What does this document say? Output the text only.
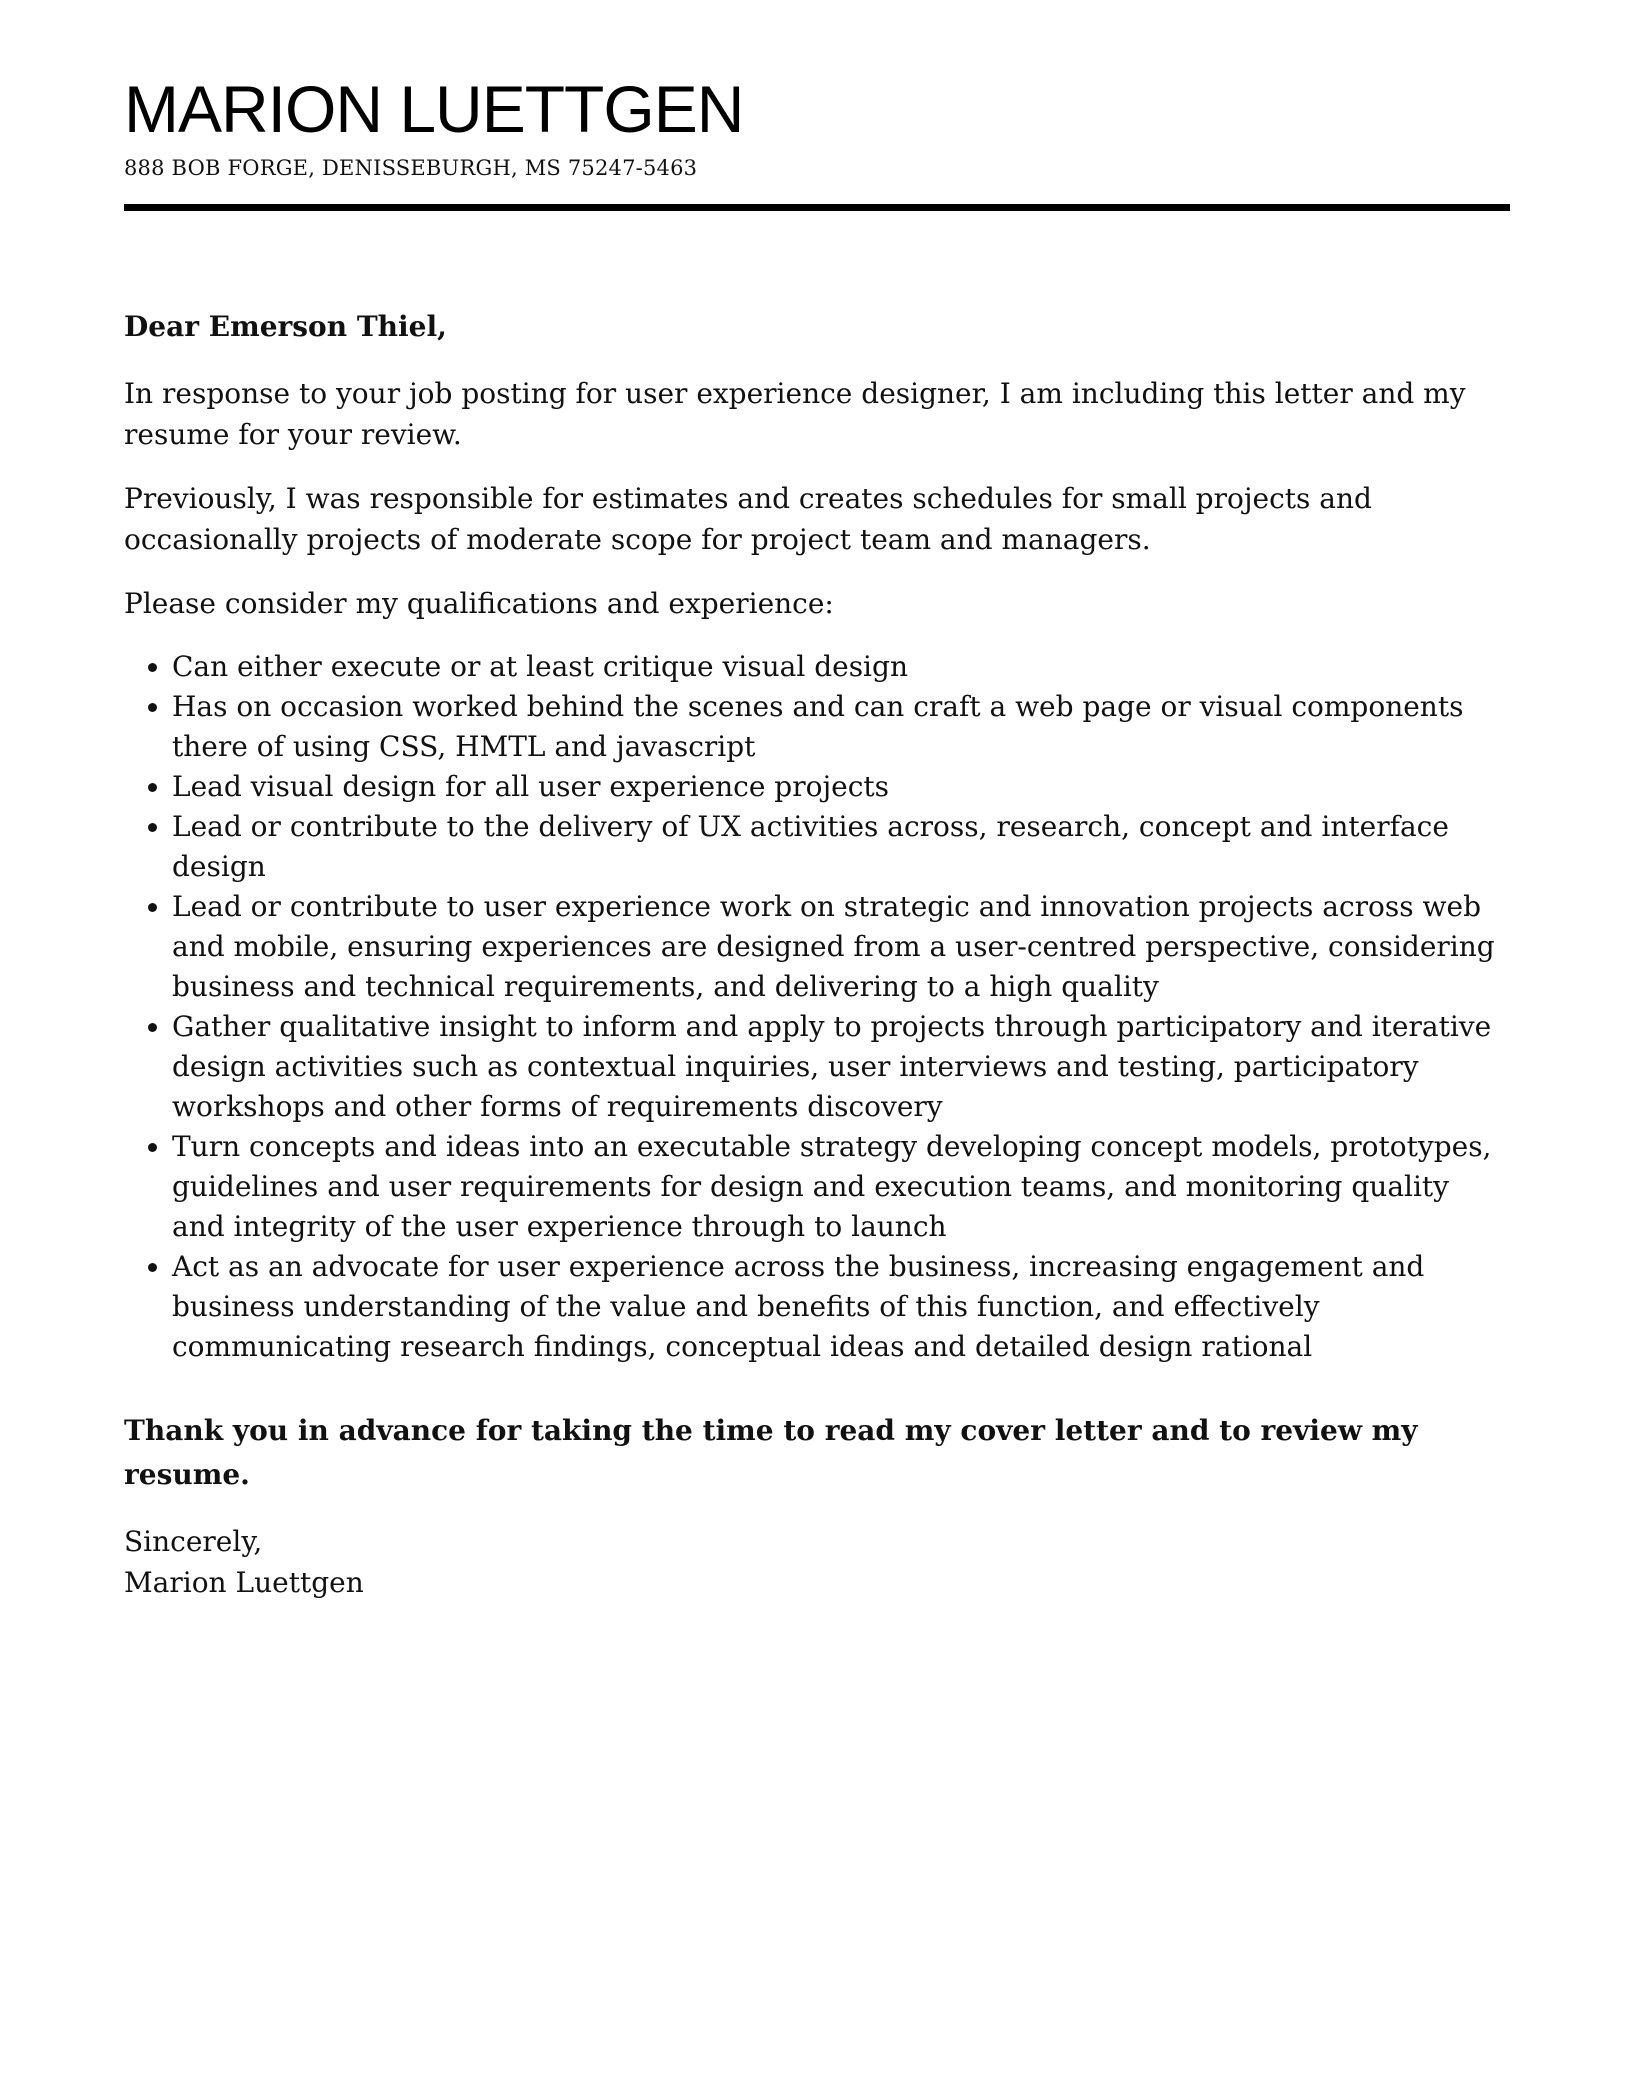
MARION LUETTGEN
888 BOB FORGE, DENISSEBURGH, MS 75247-5463

Dear Emerson Thiel,

In response to your job posting for user experience designer, I am including this letter and my resume for your review.

Previously, I was responsible for estimates and creates schedules for small projects and occasionally projects of moderate scope for project team and managers.

Please consider my qualifications and experience:

• Can either execute or at least critique visual design
• Has on occasion worked behind the scenes and can craft a web page or visual components there of using CSS, HMTL and javascript
• Lead visual design for all user experience projects
• Lead or contribute to the delivery of UX activities across, research, concept and interface design
• Lead or contribute to user experience work on strategic and innovation projects across web and mobile, ensuring experiences are designed from a user-centred perspective, considering business and technical requirements, and delivering to a high quality
• Gather qualitative insight to inform and apply to projects through participatory and iterative design activities such as contextual inquiries, user interviews and testing, participatory workshops and other forms of requirements discovery
• Turn concepts and ideas into an executable strategy developing concept models, prototypes, guidelines and user requirements for design and execution teams, and monitoring quality and integrity of the user experience through to launch
• Act as an advocate for user experience across the business, increasing engagement and business understanding of the value and benefits of this function, and effectively communicating research findings, conceptual ideas and detailed design rational

Thank you in advance for taking the time to read my cover letter and to review my resume.

Sincerely,

Marion Luettgen
